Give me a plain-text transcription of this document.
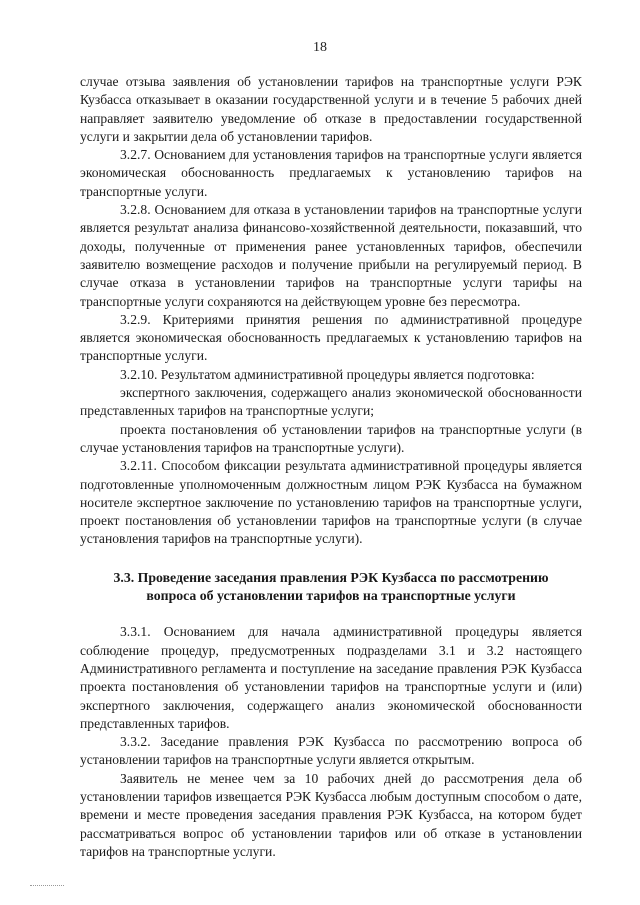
18

случае отзыва заявления об установлении тарифов на транспортные услуги РЭК Кузбасса отказывает в оказании государственной услуги и в течение 5 рабочих дней направляет заявителю уведомление об отказе в предоставлении государственной услуги и закрытии дела об установлении тарифов.

3.2.7. Основанием для установления тарифов на транспортные услуги является экономическая обоснованность предлагаемых к установлению тарифов на транспортные услуги.

3.2.8. Основанием для отказа в установлении тарифов на транспортные услуги является результат анализа финансово-хозяйственной деятельности, показавший, что доходы, полученные от применения ранее установленных тарифов, обеспечили заявителю возмещение расходов и получение прибыли на регулируемый период. В случае отказа в установлении тарифов на транспортные услуги тарифы на транспортные услуги сохраняются на действующем уровне без пересмотра.

3.2.9. Критериями принятия решения по административной процедуре является экономическая обоснованность предлагаемых к установлению тарифов на транспортные услуги.

3.2.10. Результатом административной процедуры является подготовка:

экспертного заключения, содержащего анализ экономической обоснованности представленных тарифов на транспортные услуги;

проекта постановления об установлении тарифов на транспортные услуги (в случае установления тарифов на транспортные услуги).

3.2.11. Способом фиксации результата административной процедуры является подготовленные уполномоченным должностным лицом РЭК Кузбасса на бумажном носителе экспертное заключение по установлению тарифов на транспортные услуги, проект постановления об установлении тарифов на транспортные услуги (в случае установления тарифов на транспортные услуги).

3.3. Проведение заседания правления РЭК Кузбасса по рассмотрению вопроса об установлении тарифов на транспортные услуги

3.3.1. Основанием для начала административной процедуры является соблюдение процедур, предусмотренных подразделами 3.1 и 3.2 настоящего Административного регламента и поступление на заседание правления РЭК Кузбасса проекта постановления об установлении тарифов на транспортные услуги и (или) экспертного заключения, содержащего анализ экономической обоснованности представленных тарифов.

3.3.2. Заседание правления РЭК Кузбасса по рассмотрению вопроса об установлении тарифов на транспортные услуги является открытым.

Заявитель не менее чем за 10 рабочих дней до рассмотрения дела об установлении тарифов извещается РЭК Кузбасса любым доступным способом о дате, времени и месте проведения заседания правления РЭК Кузбасса, на котором будет рассматриваться вопрос об установлении тарифов или об отказе в установлении тарифов на транспортные услуги.
